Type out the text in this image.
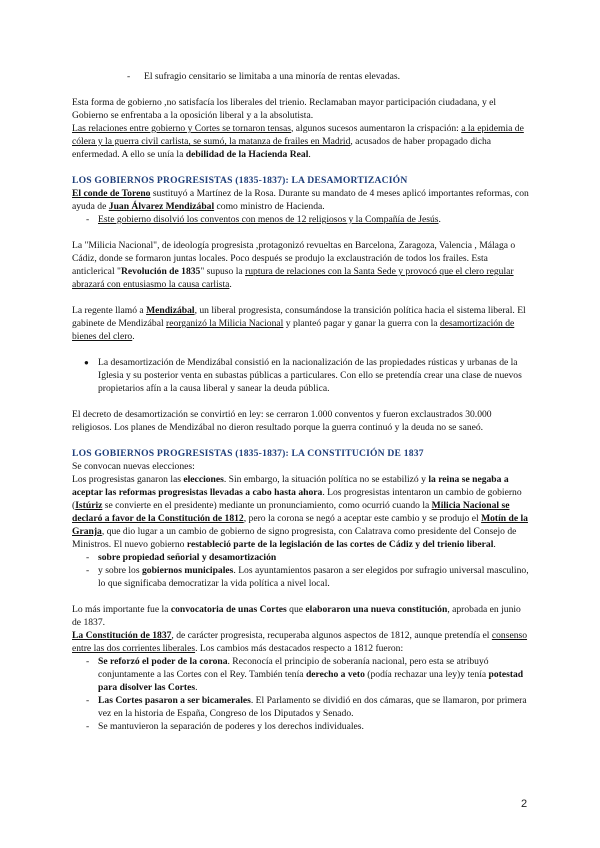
- El sufragio censitario se limitaba a una minoría de rentas elevadas.

Esta forma de gobierno ,no satisfacía los liberales del trienio. Reclamaban mayor participación ciudadana, y el Gobierno se enfrentaba a la oposición liberal y a la absolutista.
Las relaciones entre gobierno y Cortes se tornaron tensas, algunos sucesos aumentaron la crispación: a la epidemia de cólera y la guerra civil carlista, se sumó, la matanza de frailes en Madrid, acusados de haber propagado dicha enfermedad. A ello se unía la debilidad de la Hacienda Real.

LOS GOBIERNOS PROGRESISTAS (1835-1837): LA DESAMORTIZACIÓN

El conde de Toreno sustituyó a Martínez de la Rosa. Durante su mandato de 4 meses aplicó importantes reformas, con ayuda de Juan Álvarez Mendizábal como ministro de Hacienda.

- Este gobierno disolvió los conventos con menos de 12 religiosos y la Compañía de Jesús.

La "Milicia Nacional", de ideología progresista ,protagonizó revueltas en Barcelona, Zaragoza, Valencia , Málaga o Cádiz, donde se formaron juntas locales. Poco después se produjo la exclaustración de todos los frailes. Esta anticlerical "Revolución de 1835" supuso la ruptura de relaciones con la Santa Sede y provocó que el clero regular abrazará con entusiasmo la causa carlista.

La regente llamó a Mendizábal, un liberal progresista, consumándose la transición política hacia el sistema liberal. El gabinete de Mendizábal reorganizó la Milicia Nacional y planteó pagar y ganar la guerra con la desamortización de bienes del clero.

● La desamortización de Mendizábal consistió en la nacionalización de las propiedades rústicas y urbanas de la Iglesia y su posterior venta en subastas públicas a particulares. Con ello se pretendía crear una clase de nuevos propietarios afín a la causa liberal y sanear la deuda pública.

El decreto de desamortización se convirtió en ley: se cerraron 1.000 conventos y fueron exclaustrados 30.000 religiosos. Los planes de Mendizábal no dieron resultado porque la guerra continuó y la deuda no se saneó.

LOS GOBIERNOS PROGRESISTAS (1835-1837): LA CONSTITUCIÓN DE 1837

Se convocan nuevas elecciones:

Los progresistas ganaron las elecciones. Sin embargo, la situación política no se estabilizó y la reina se negaba a aceptar las reformas progresistas llevadas a cabo hasta ahora. Los progresistas intentaron un cambio de gobierno (Istúriz se convierte en el presidente) mediante un pronunciamiento, como ocurrió cuando la Milicia Nacional se declaró a favor de la Constitución de 1812, pero la corona se negó a aceptar este cambio y se produjo el Motín de la Granja, que dio lugar a un cambio de gobierno de signo progresista, con Calatrava como presidente del Consejo de Ministros. El nuevo gobierno restableció parte de la legislación de las cortes de Cádiz y del trienio liberal.

- sobre propiedad señorial y desamortización

- y sobre los gobiernos municipales. Los ayuntamientos pasaron a ser elegidos por sufragio universal masculino, lo que significaba democratizar la vida política a nivel local.

Lo más importante fue la convocatoria de unas Cortes que elaboraron una nueva constitución, aprobada en junio de 1837.

La Constitución de 1837, de carácter progresista, recuperaba algunos aspectos de 1812, aunque pretendía el consenso entre las dos corrientes liberales. Los cambios más destacados respecto a 1812 fueron:

- Se reforzó el poder de la corona. Reconocía el principio de soberanía nacional, pero esta se atribuyó conjuntamente a las Cortes con el Rey. También tenía derecho a veto (podía rechazar una ley)y tenía potestad para disolver las Cortes.

- Las Cortes pasaron a ser bicamerales. El Parlamento se dividió en dos cámaras, que se llamaron, por primera vez en la historia de España, Congreso de los Diputados y Senado.

- Se mantuvieron la separación de poderes y los derechos individuales.

2
